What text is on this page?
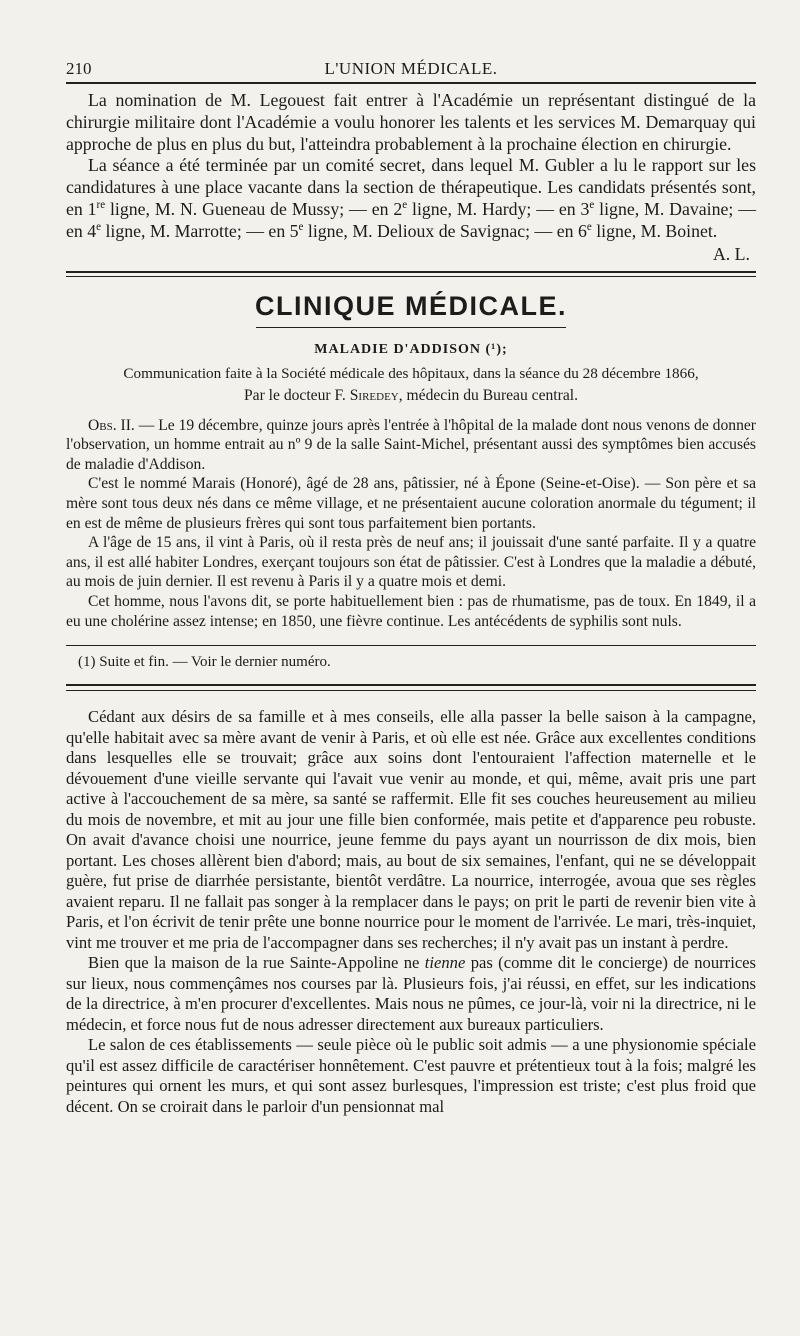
210	L'UNION MÉDICALE.

La nomination de M. Legouest fait entrer à l'Académie un représentant distingué de la chirurgie militaire dont l'Académie a voulu honorer les talents et les services M. Demarquay qui approche de plus en plus du but, l'atteindra probablement à la prochaine élection en chirurgie.

La séance a été terminée par un comité secret, dans lequel M. Gubler a lu le rapport sur les candidatures à une place vacante dans la section de thérapeutique. Les candidats présentés sont, en 1re ligne, M. N. Gueneau de Mussy; — en 2e ligne, M. Hardy; — en 3e ligne, M. Davaine; — en 4e ligne, M. Marrotte; — en 5e ligne, M. Delioux de Savignac; — en 6e ligne, M. Boinet.

A. L.
CLINIQUE MÉDICALE.
MALADIE D'ADDISON (¹);
Communication faite à la Société médicale des hôpitaux, dans la séance du 28 décembre 1866,
Par le docteur F. Siredey, médecin du Bureau central.

Obs. II. — Le 19 décembre, quinze jours après l'entrée à l'hôpital de la malade dont nous venons de donner l'observation, un homme entrait au nº 9 de la salle Saint-Michel, présentant aussi des symptômes bien accusés de maladie d'Addison.

C'est le nommé Marais (Honoré), âgé de 28 ans, pâtissier, né à Épone (Seine-et-Oise). — Son père et sa mère sont tous deux nés dans ce même village, et ne présentaient aucune coloration anormale du tégument; il en est de même de plusieurs frères qui sont tous parfaitement bien portants.

A l'âge de 15 ans, il vint à Paris, où il resta près de neuf ans; il jouissait d'une santé parfaite. Il y a quatre ans, il est allé habiter Londres, exerçant toujours son état de pâtissier. C'est à Londres que la maladie a débuté, au mois de juin dernier. Il est revenu à Paris il y a quatre mois et demi.

Cet homme, nous l'avons dit, se porte habituellement bien : pas de rhumatisme, pas de toux. En 1849, il a eu une cholérine assez intense; en 1850, une fièvre continue. Les antécédents de syphilis sont nuls.

(1) Suite et fin. — Voir le dernier numéro.

Cédant aux désirs de sa famille et à mes conseils, elle alla passer la belle saison à la campagne, qu'elle habitait avec sa mère avant de venir à Paris, et où elle est née. Grâce aux excellentes conditions dans lesquelles elle se trouvait; grâce aux soins dont l'entouraient l'affection maternelle et le dévouement d'une vieille servante qui l'avait vue venir au monde, et qui, même, avait pris une part active à l'accouchement de sa mère, sa santé se raffermit. Elle fit ses couches heureusement au milieu du mois de novembre, et mit au jour une fille bien conformée, mais petite et d'apparence peu robuste. On avait d'avance choisi une nourrice, jeune femme du pays ayant un nourrisson de dix mois, bien portant. Les choses allèrent bien d'abord; mais, au bout de six semaines, l'enfant, qui ne se développait guère, fut prise de diarrhée persistante, bientôt verdâtre. La nourrice, interrogée, avoua que ses règles avaient reparu. Il ne fallait pas songer à la remplacer dans le pays; on prit le parti de revenir bien vite à Paris, et l'on écrivit de tenir prête une bonne nourrice pour le moment de l'arrivée. Le mari, très-inquiet, vint me trouver et me pria de l'accompagner dans ses recherches; il n'y avait pas un instant à perdre.

Bien que la maison de la rue Sainte-Appoline ne tienne pas (comme dit le concierge) de nourrices sur lieux, nous commençâmes nos courses par là. Plusieurs fois, j'ai réussi, en effet, sur les indications de la directrice, à m'en procurer d'excellentes. Mais nous ne pûmes, ce jour-là, voir ni la directrice, ni le médecin, et force nous fut de nous adresser directement aux bureaux particuliers.

Le salon de ces établissements — seule pièce où le public soit admis — a une physionomie spéciale qu'il est assez difficile de caractériser honnêtement. C'est pauvre et prétentieux tout à la fois; malgré les peintures qui ornent les murs, et qui sont assez burlesques, l'impression est triste; c'est plus froid que décent. On se croirait dans le parloir d'un pensionnat mal
